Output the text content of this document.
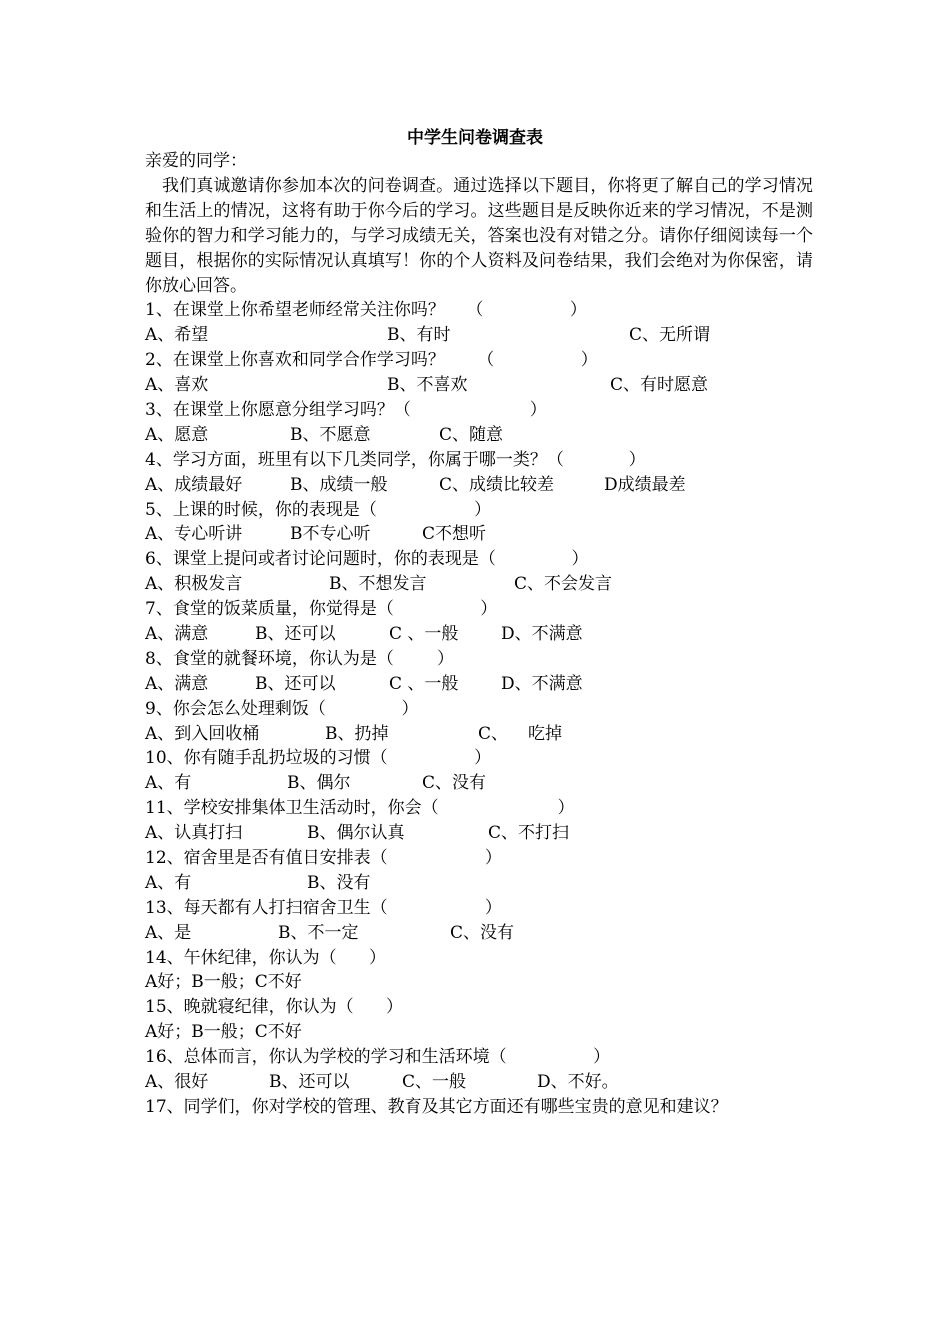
中学生问卷调查表
亲爱的同学：
我们真诚邀请你参加本次的问卷调查。通过选择以下题目，你将更了解自己的学习情况和生活上的情况，这将有助于你今后的学习。这些题目是反映你近来的学习情况，不是测验你的智力和学习能力的，与学习成绩无关，答案也没有对错之分。请你仔细阅读每一个题目，根据你的实际情况认真填写！你的个人资料及问卷结果，我们会绝对为你保密，请你放心回答。
1、在课堂上你希望老师经常关注你吗？    （                ）
A、希望	B、有时	C、无所谓
2、在课堂上你喜欢和同学合作学习吗？      （                ）
A、喜欢	B、不喜欢	C、有时愿意
3、在课堂上你愿意分组学习吗？（                      ）
A、愿意	B、不愿意	C、随意
4、学习方面，班里有以下几类同学，你属于哪一类？（            ）
A、成绩最好	B、成绩一般	C、成绩比较差	D成绩最差
5、上课的时候，你的表现是（                  ）
A、专心听讲	B不专心听	C不想听
6、课堂上提问或者讨论问题时，你的表现是（              ）
A、积极发言	B、不想发言	C、不会发言
7、食堂的饭菜质量，你觉得是（                ）
A、满意	B、还可以	C 、一般	D、不满意
8、食堂的就餐环境，你认为是（        ）
A、满意	B、还可以	C 、一般	D、不满意
9、你会怎么处理剩饭（              ）
A、到入回收桶	B、扔掉	C、 吃掉
10、你有随手乱扔垃圾的习惯（                ）
A、有	B、偶尔	C、没有
11、学校安排集体卫生活动时，你会（                      ）
A、认真打扫	B、偶尔认真	C、不打扫
12、宿舍里是否有值日安排表（                  ）
A、有	B、没有
13、每天都有人打扫宿舍卫生（                  ）
A、是	B、不一定	C、没有
14、午休纪律，你认为（      ）
A好；B一般；C不好
15、晚就寝纪律，你认为（      ）
A好；B一般；C不好
16、总体而言，你认为学校的学习和生活环境（                ）
A、很好	B、还可以	C、一般	D、不好。
17、同学们，你对学校的管理、教育及其它方面还有哪些宝贵的意见和建议？
